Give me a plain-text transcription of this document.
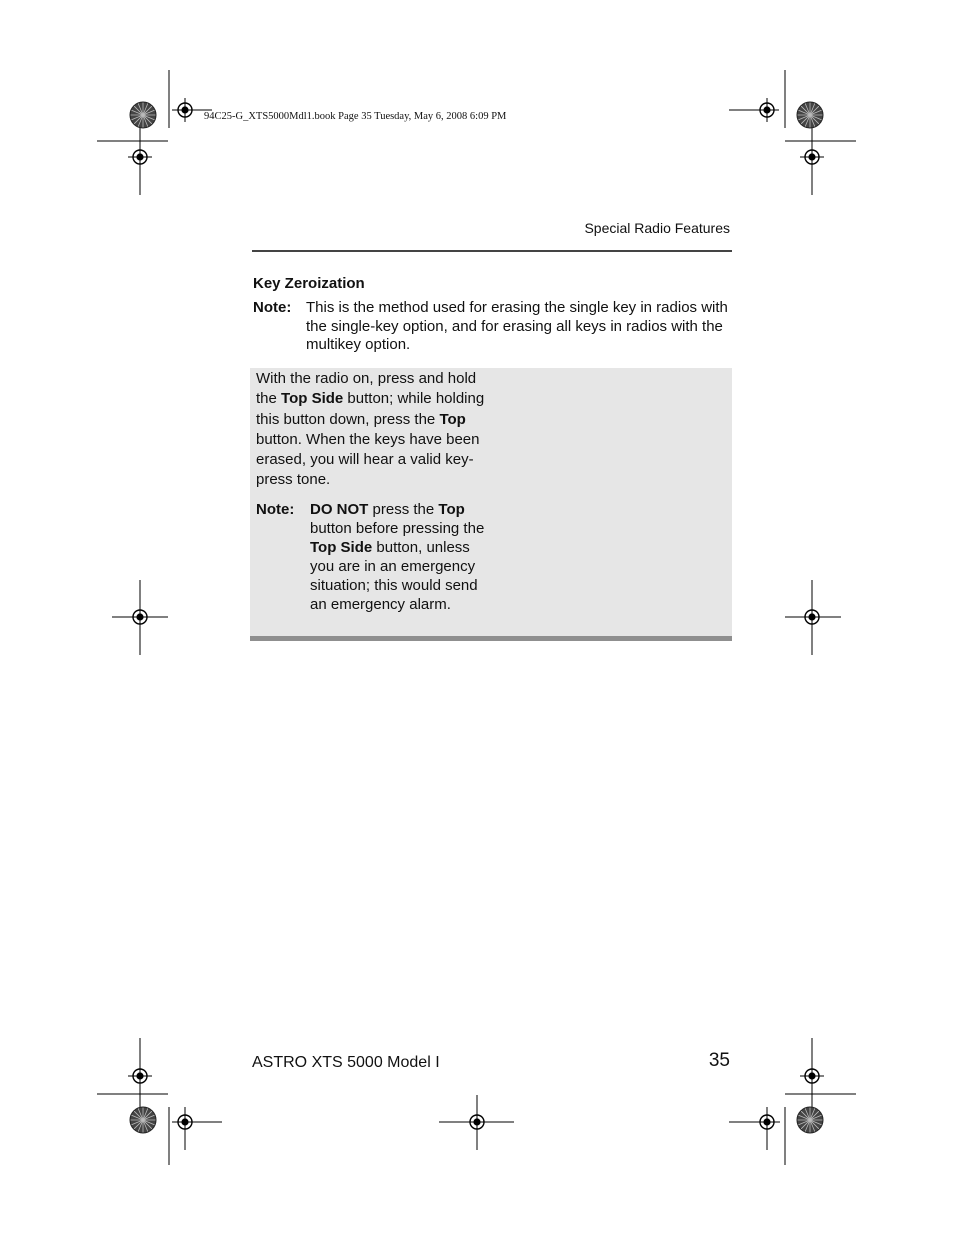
94C25-G_XTS5000Mdl1.book Page 35 Tuesday, May 6, 2008 6:09 PM
Special Radio Features
Key Zeroization
Note: This is the method used for erasing the single key in radios with the single-key option, and for erasing all keys in radios with the multikey option.
With the radio on, press and hold the Top Side button; while holding this button down, press the Top button. When the keys have been erased, you will hear a valid key-press tone.
Note: DO NOT press the Top button before pressing the Top Side button, unless you are in an emergency situation; this would send an emergency alarm.
ASTRO XTS 5000 Model I	35
